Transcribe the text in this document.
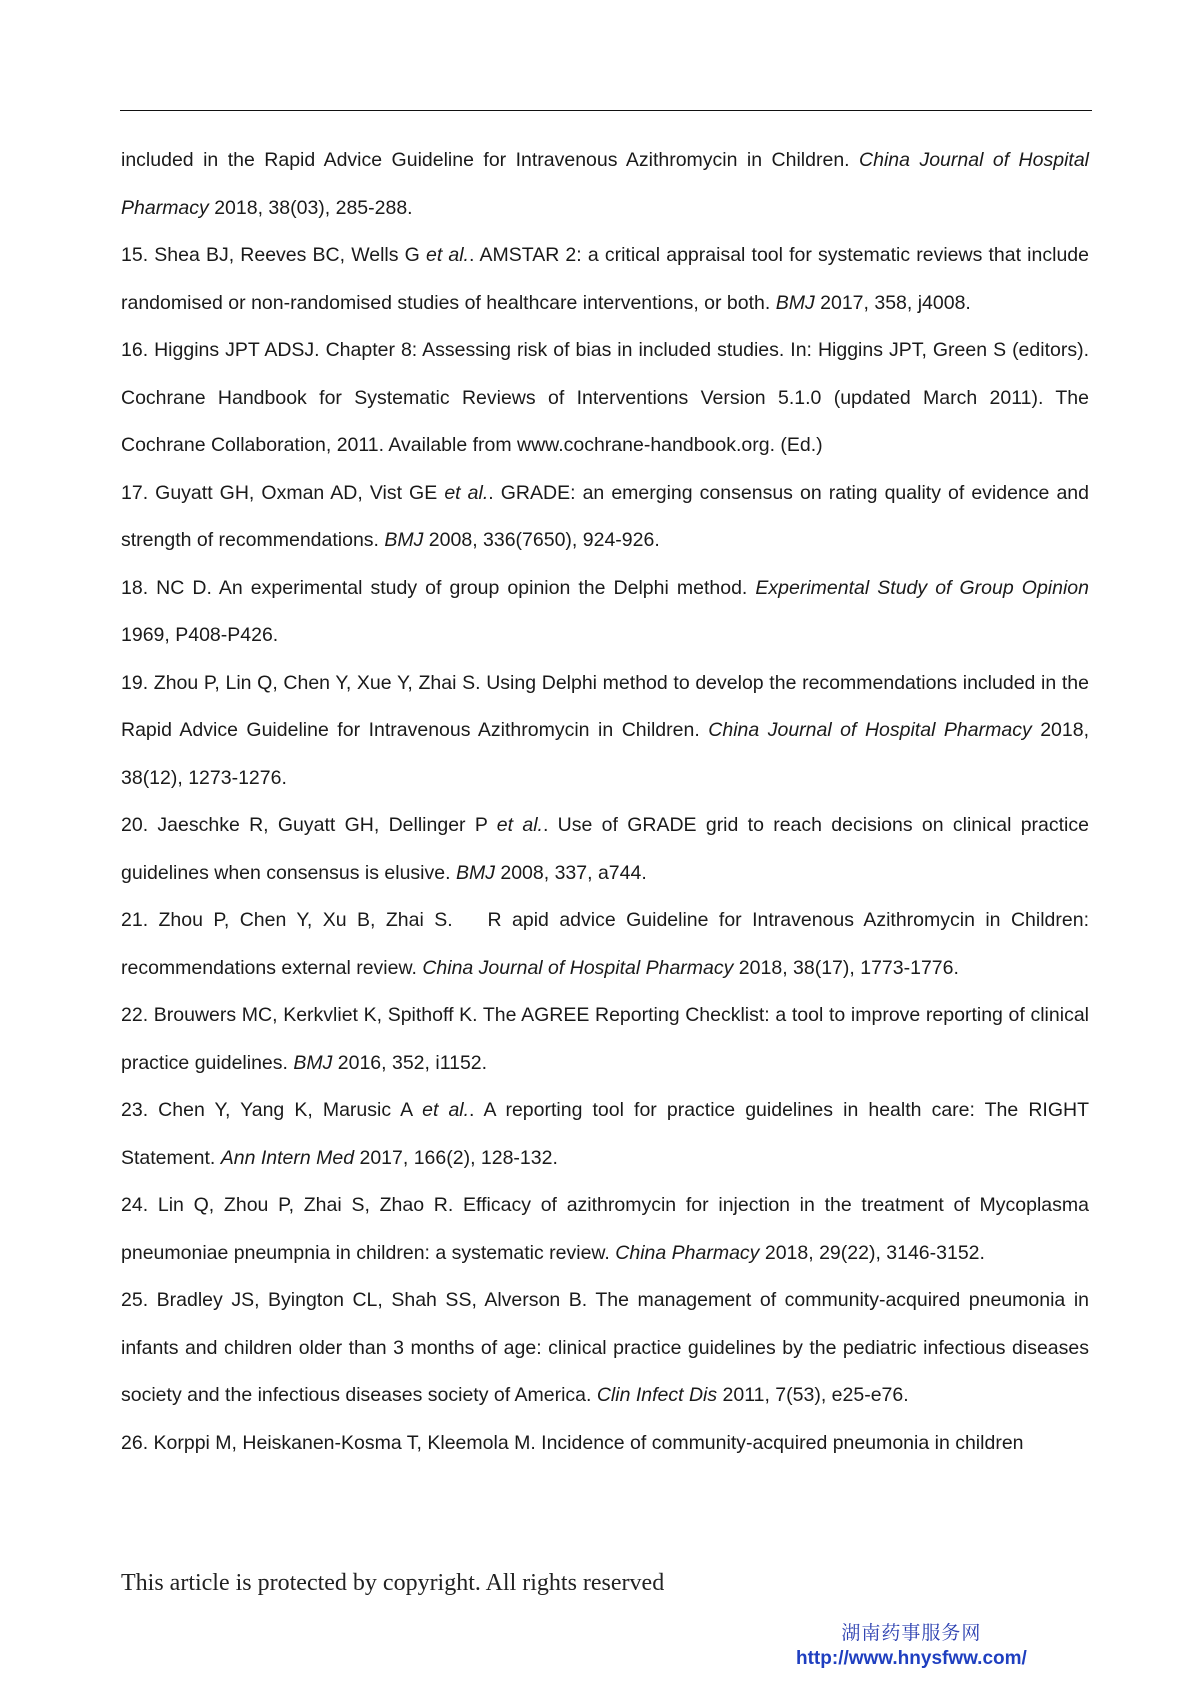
included in the Rapid Advice Guideline for Intravenous Azithromycin in Children. China Journal of Hospital Pharmacy 2018, 38(03), 285-288.

15. Shea BJ, Reeves BC, Wells G et al.. AMSTAR 2: a critical appraisal tool for systematic reviews that include randomised or non-randomised studies of healthcare interventions, or both. BMJ 2017, 358, j4008.

16. Higgins JPT ADSJ. Chapter 8: Assessing risk of bias in included studies. In: Higgins JPT, Green S (editors). Cochrane Handbook for Systematic Reviews of Interventions Version 5.1.0 (updated March 2011). The Cochrane Collaboration, 2011. Available from www.cochrane-handbook.org. (Ed.)

17. Guyatt GH, Oxman AD, Vist GE et al.. GRADE: an emerging consensus on rating quality of evidence and strength of recommendations. BMJ 2008, 336(7650), 924-926.

18. NC D. An experimental study of group opinion the Delphi method. Experimental Study of Group Opinion 1969, P408-P426.

19. Zhou P, Lin Q, Chen Y, Xue Y, Zhai S. Using Delphi method to develop the recommendations included in the Rapid Advice Guideline for Intravenous Azithromycin in Children. China Journal of Hospital Pharmacy 2018, 38(12), 1273-1276.

20. Jaeschke R, Guyatt GH, Dellinger P et al.. Use of GRADE grid to reach decisions on clinical practice guidelines when consensus is elusive. BMJ 2008, 337, a744.

21. Zhou P, Chen Y, Xu B, Zhai S. 　R apid advice Guideline for Intravenous Azithromycin in Children: recommendations external review. China Journal of Hospital Pharmacy 2018, 38(17), 1773-1776.

22. Brouwers MC, Kerkvliet K, Spithoff K. The AGREE Reporting Checklist: a tool to improve reporting of clinical practice guidelines. BMJ 2016, 352, i1152.

23. Chen Y, Yang K, Marusic A et al.. A reporting tool for practice guidelines in health care: The RIGHT Statement. Ann Intern Med 2017, 166(2), 128-132.

24. Lin Q, Zhou P, Zhai S, Zhao R. Efficacy of azithromycin for injection in the treatment of Mycoplasma pneumoniae pneumpnia in children: a systematic review. China Pharmacy 2018, 29(22), 3146-3152.

25. Bradley JS, Byington CL, Shah SS, Alverson B. The management of community-acquired pneumonia in infants and children older than 3 months of age: clinical practice guidelines by the pediatric infectious diseases society and the infectious diseases society of America. Clin Infect Dis 2011, 7(53), e25-e76.

26. Korppi M, Heiskanen-Kosma T, Kleemola M. Incidence of community-acquired pneumonia in children

This article is protected by copyright. All rights reserved
湖南药事服务网
http://www.hnysfww.com/
